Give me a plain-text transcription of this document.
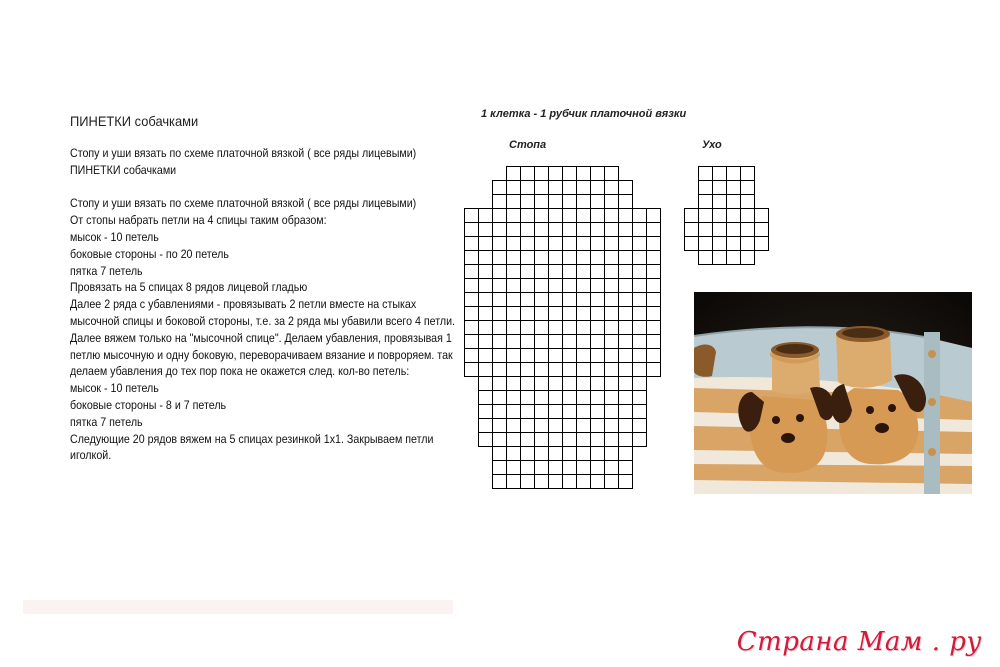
ПИНЕТКИ собачками
Стопу и уши вязать по схеме платочной вязкой ( все ряды лицевыми)
ПИНЕТКИ собачками
Стопу и уши вязать по схеме платочной вязкой ( все ряды лицевыми)
От стопы набрать петли на 4 спицы таким образом:
мысок - 10 петель
боковые стороны - по 20 петель
пятка 7 петель
Провязать на 5 спицах 8 рядов лицевой гладью
Далее 2 ряда с убавлениями - провязывать 2 петли вместе на стыках
мысочной спицы и боковой стороны, т.е. за 2 ряда мы убавили всего 4 петли.
Далее вяжем только на "мысочной спице". Делаем убавления, провязывая 1
петлю мысочную и одну боковую, переворачиваем вязание и повроряем. так
делаем убавления до тех пор пока не окажется след. кол-во петель:
мысок - 10 петель
боковые стороны - 8 и 7 петель
пятка 7 петель
Следующие 20 рядов вяжем на 5 спицах резинкой 1х1. Закрываем петли
иголкой.
1 клетка - 1 рубчик платочной вязки
Стопа	Ухо
Страна Мам . ру
